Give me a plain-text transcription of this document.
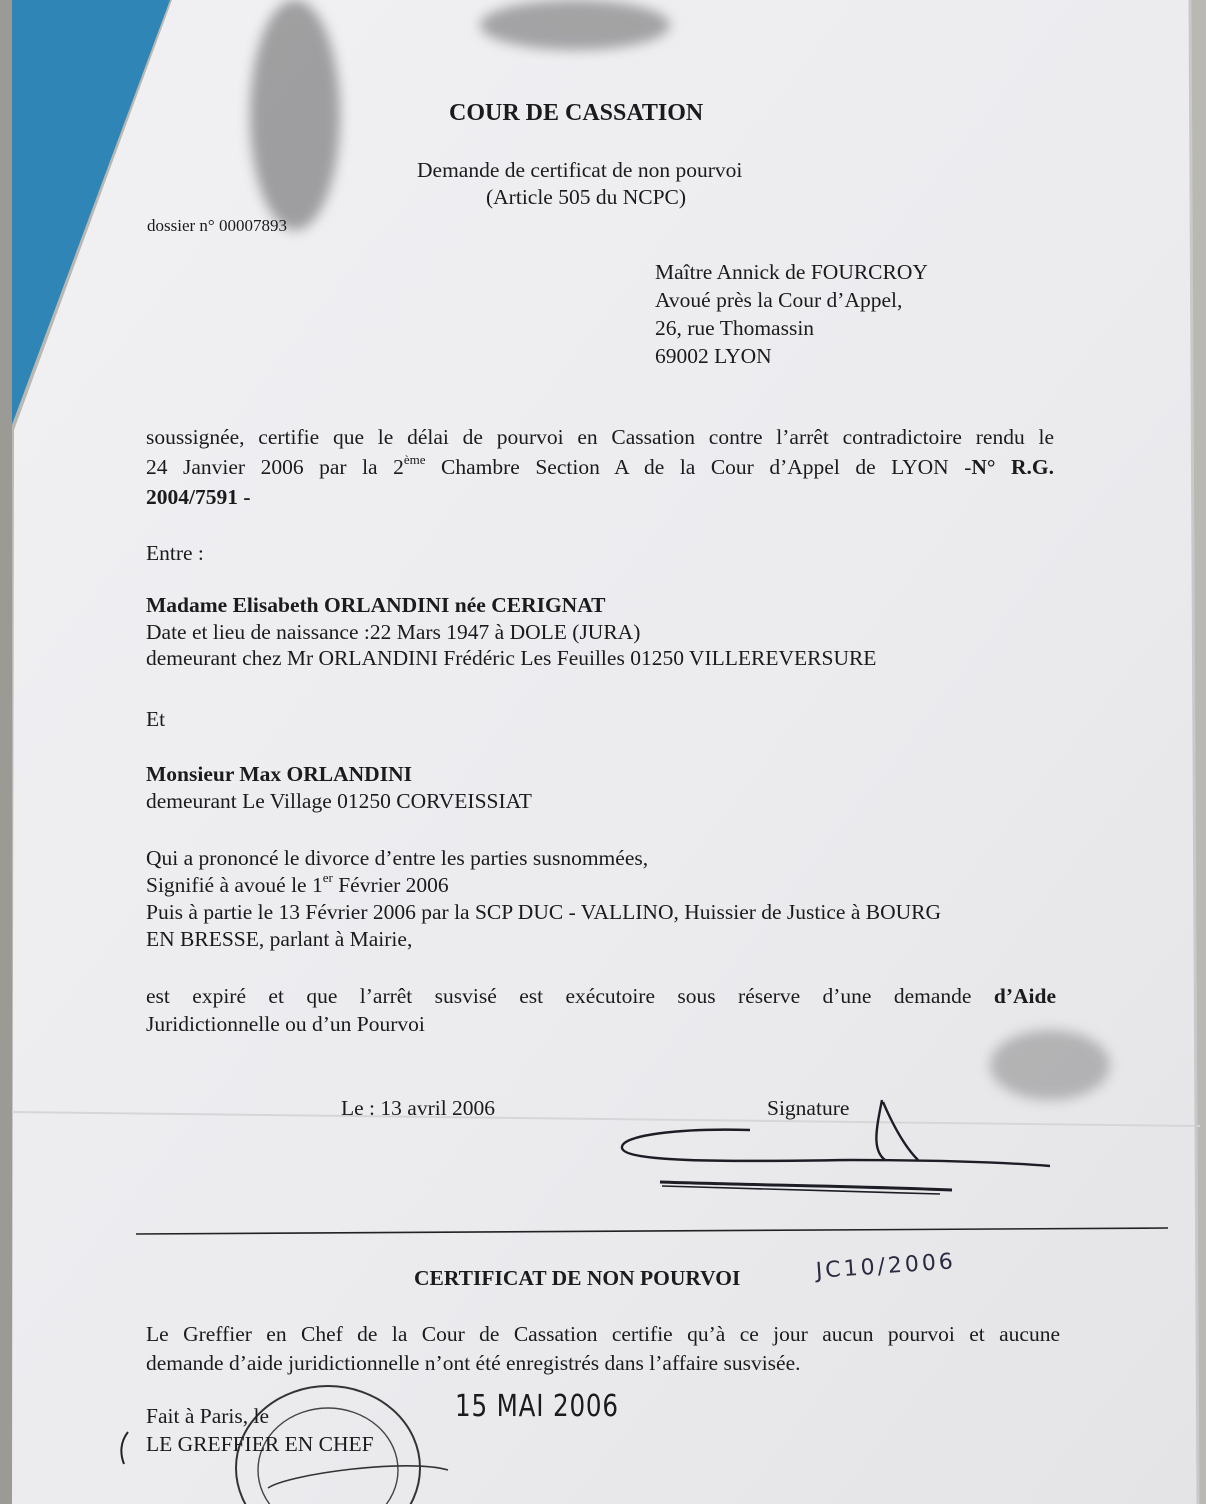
COUR DE CASSATION
Demande de certificat de non pourvoi
(Article 505 du NCPC)
dossier n° 00007893
Maître Annick de FOURCROY
Avoué près la Cour d’Appel,
26, rue Thomassin
69002 LYON
soussignée, certifie que le délai de pourvoi en Cassation contre l’arrêt contradictoire rendu le
24 Janvier 2006 par la 2ème Chambre Section A de la Cour d’Appel de LYON -N° R.G.
2004/7591 -
Entre :
Madame Elisabeth ORLANDINI née CERIGNAT
Date et lieu de naissance :22 Mars 1947 à DOLE (JURA)
demeurant chez Mr ORLANDINI Frédéric Les Feuilles 01250 VILLEREVERSURE
Et
Monsieur Max ORLANDINI
demeurant Le Village 01250 CORVEISSIAT
Qui a prononcé le divorce d’entre les parties susnommées,
Signifié à avoué le 1er Février 2006
Puis à partie le 13 Février 2006 par la SCP DUC - VALLINO, Huissier de Justice à BOURG
EN BRESSE, parlant à Mairie,
est expiré et que l’arrêt susvisé est exécutoire sous réserve d’une demande d’Aide
Juridictionnelle ou d’un Pourvoi
Le : 13 avril 2006	Signature
CERTIFICAT DE NON POURVOI	JC10/2006
Le Greffier en Chef de la Cour de Cassation certifie qu’à ce jour aucun pourvoi et aucune
demande d’aide juridictionnelle n’ont été enregistrés dans l’affaire susvisée.
Fait à Paris, le	15 MAI 2006
LE GREFFIER EN CHEF
